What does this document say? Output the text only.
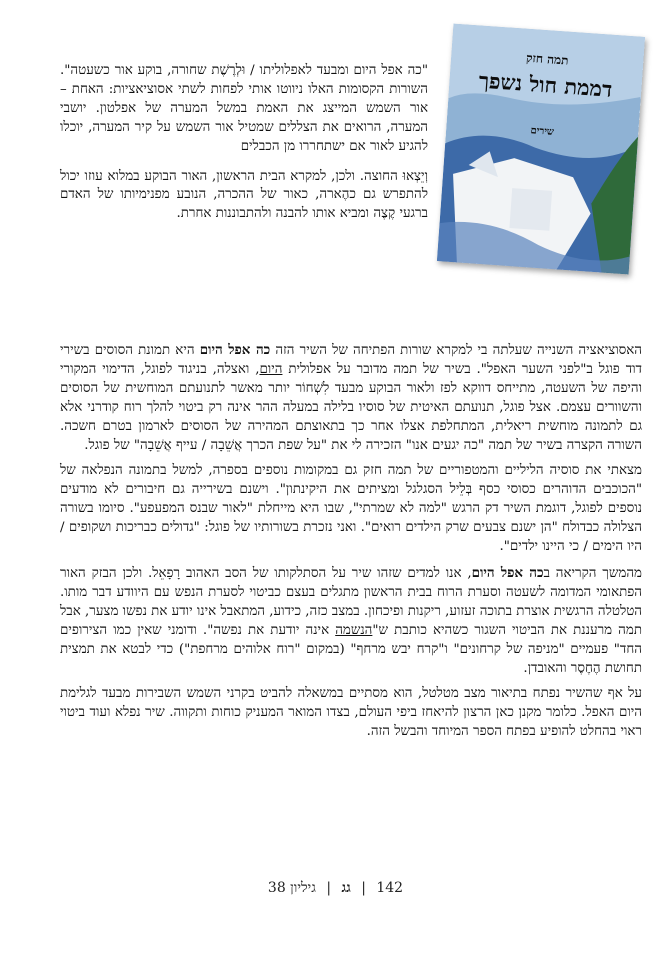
תמה חזק
דממת חול נשפך
שירים

"כה אפל היום ומבעד לאפלוליתו / וּלְרֶשֶׁת שחורה, בוקע אור כשעטה". השורות הקסומות האלו ניווטו אותי לפחות לשתי אסוציאציות: האחת – אור השמש המייצג את האמת במשל המערה של אפלטון. יושבי המערה, הרואים את הצללים שמטיל אור השמש על קיר המערה, יוכלו להגיע לאור אם ישתחררו מן הכבלים

וְיֵצְאוּ החוצה. ולכן, למקרא הבית הראשון, האור הבוקע במלוא עוזו יכול להתפרש גם כהֶארה, כאור של ההכרה, הנובע מפנימיותו של האדם ברגעי קֶצֶה ומביא אותו להבנה ולהתבוננות אחרת.

האסוציאציה השנייה שעלתה בי למקרא שורות הפתיחה של השיר הזה כה אפל היום היא תמונת הסוסים בשירי דוד פוגל ב"לפני השער האפל". בשיר של תמה מדובר על אפלולית היום, ואצלה, בניגוד לפוגל, הדימוי המקורי והיפה של השעטה, מתייחס דווקא לפז ולאור הבוקע מבעד לִשְׁחוֹר יותר מאשר לתנועתם המוחשית של הסוסים והשוורים עצמם. אצל פוגל, תנועתם האיטית של סוסיו בלילה במעלה ההר אינה רק ביטוי להלך רוח קודרני אלא גם לתמונה מוחשית ריאלית, המתחלפת אצלו אחר כך בתאוצתם המהירה של הסוסים לארמון בטרם חשכה. השורה הקצרה בשיר של תמה "כה יגעים אנו" הזכירה לי את "על שפת הכרך אֲשֵׁבָה / עייף אֲשֵׁבָה" של פוגל.

מצאתי את סוסיה הליליים והמטפוריים של תמה חזק גם במקומות נוספים בספרה, למשל בתמונה הנפלאה של "הכוכבים הדוהרים כסוסי כסף בְּלֵיל הסגלגל ומציתים את היקינתון". וישנם בשירייה גם חיבורים לא מודעים נוספים לפוגל, דוגמת השיר דק הרגש "למה לא שמרתי", שבו היא מייחלת "לאור שבנס המפעפע". סיומו בשורה הצלולה כבדולח "הן ישנם צבעים שרק הילדים רואים". ואני נזכרת בשורותיו של פוגל: "גדולים כבריכות ושקופים / היו הימים / כי היינו ילדים".

מהמשך הקריאה בכה אפל היום, אנו למדים שזהו שיר על הסתלקותו של הסב האהוב רָפָאֵל. ולכן הבזק האור הפתאומי המדומה לשעטה וסערת הרוח בבית הראשון מתגלים בעצם כביטוי לסערת הנפש עם היוודע דבר מותו. הטלטלה הרגשית אוצרת בתוכה זעזוע, ריקנות ופיכחון. במצב כזה, כידוע, המתאבל אינו יודע את נפשו מצער, אבל תמה מרעננת את הביטוי השגור כשהיא כותבת ש"הנשמה אינה יודעת את נפשה". ודומני שאין כמו הצירופים החד" פעמיים "מניפה של קרחונים" ו"קרח יבש מרחף" (במקום "רוח אלוהים מרחפת") כדי לבטא את תמצית תחושת הֶחֶסֶר והאובדן.

על אף שהשיר נפתח בתיאור מצב מטלטל, הוא מסתיים במשאלה להביט בקרני השמש השבירות מבעד לגלימת היום האפל. כלומר מקנן כאן הרצון להיאחז ביפי העולם, בצדו המואר המעניק כוחות ותקווה. שיר נפלא ועוד ביטוי ראוי בהחלט להופיע בפתח הספר המיוחד והבשל הזה.

142 | גג | גיליון 38
